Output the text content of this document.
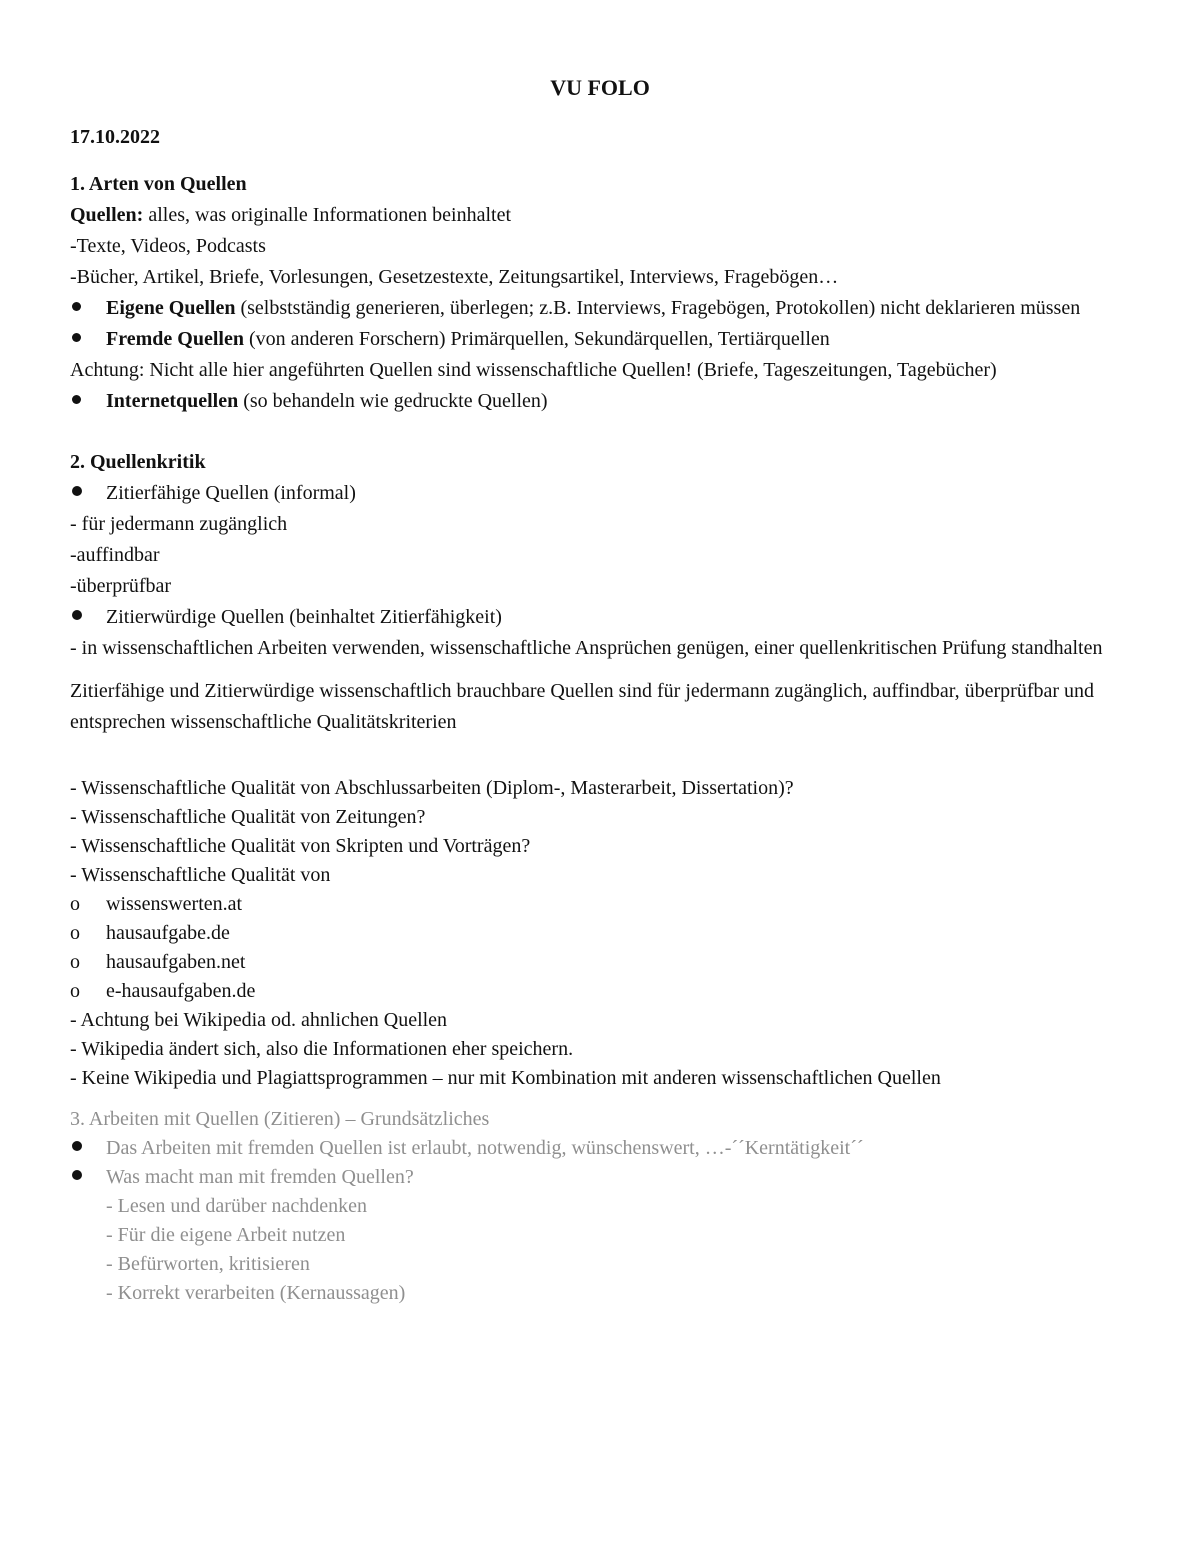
VU FOLO
17.10.2022
1. Arten von Quellen
Quellen: alles, was originalle Informationen beinhaltet
-Texte, Videos, Podcasts
-Bücher, Artikel, Briefe, Vorlesungen, Gesetzestexte, Zeitungsartikel, Interviews, Fragebögen…
Eigene Quellen (selbstständig generieren, überlegen; z.B. Interviews, Fragebögen, Protokollen) nicht deklarieren müssen
Fremde Quellen (von anderen Forschern) Primärquellen, Sekundärquellen, Tertiärquellen
Achtung: Nicht alle hier angeführten Quellen sind wissenschaftliche Quellen! (Briefe, Tageszeitungen, Tagebücher)
Internetquellen (so behandeln wie gedruckte Quellen)
2. Quellenkritik
Zitierfähige Quellen (informal)
- für jedermann zugänglich
-auffindbar
-überprüfbar
Zitierwürdige Quellen (beinhaltet Zitierfähigkeit)
- in wissenschaftlichen Arbeiten verwenden, wissenschaftliche Ansprüchen genügen, einer quellenkritischen Prüfung standhalten
Zitierfähige und Zitierwürdige wissenschaftlich brauchbare Quellen sind für jedermann zugänglich, auffindbar, überprüfbar und entsprechen wissenschaftliche Qualitätskriterien
- Wissenschaftliche Qualität von Abschlussarbeiten (Diplom-, Masterarbeit, Dissertation)?
- Wissenschaftliche Qualität von Zeitungen?
- Wissenschaftliche Qualität von Skripten und Vorträgen?
- Wissenschaftliche Qualität von
o	wissenswerten.at
o	hausaufgabe.de
o	hausaufgaben.net
o	e-hausaufgaben.de
- Achtung bei Wikipedia od. ahnlichen Quellen
- Wikipedia ändert sich, also die Informationen eher speichern.
- Keine Wikipedia und Plagiattsprogrammen – nur mit Kombination mit anderen wissenschaftlichen Quellen
3. Arbeiten mit Quellen (Zitieren) – Grundsätzliches
Das Arbeiten mit fremden Quellen ist erlaubt, notwendig, wünschenswert, …-´´Kerntätigkeit´´
Was macht man mit fremden Quellen?
- Lesen und darüber nachdenken
- Für die eigene Arbeit nutzen
- Befürworten, kritisieren
- Korrekt verarbeiten (Kernaussagen)
